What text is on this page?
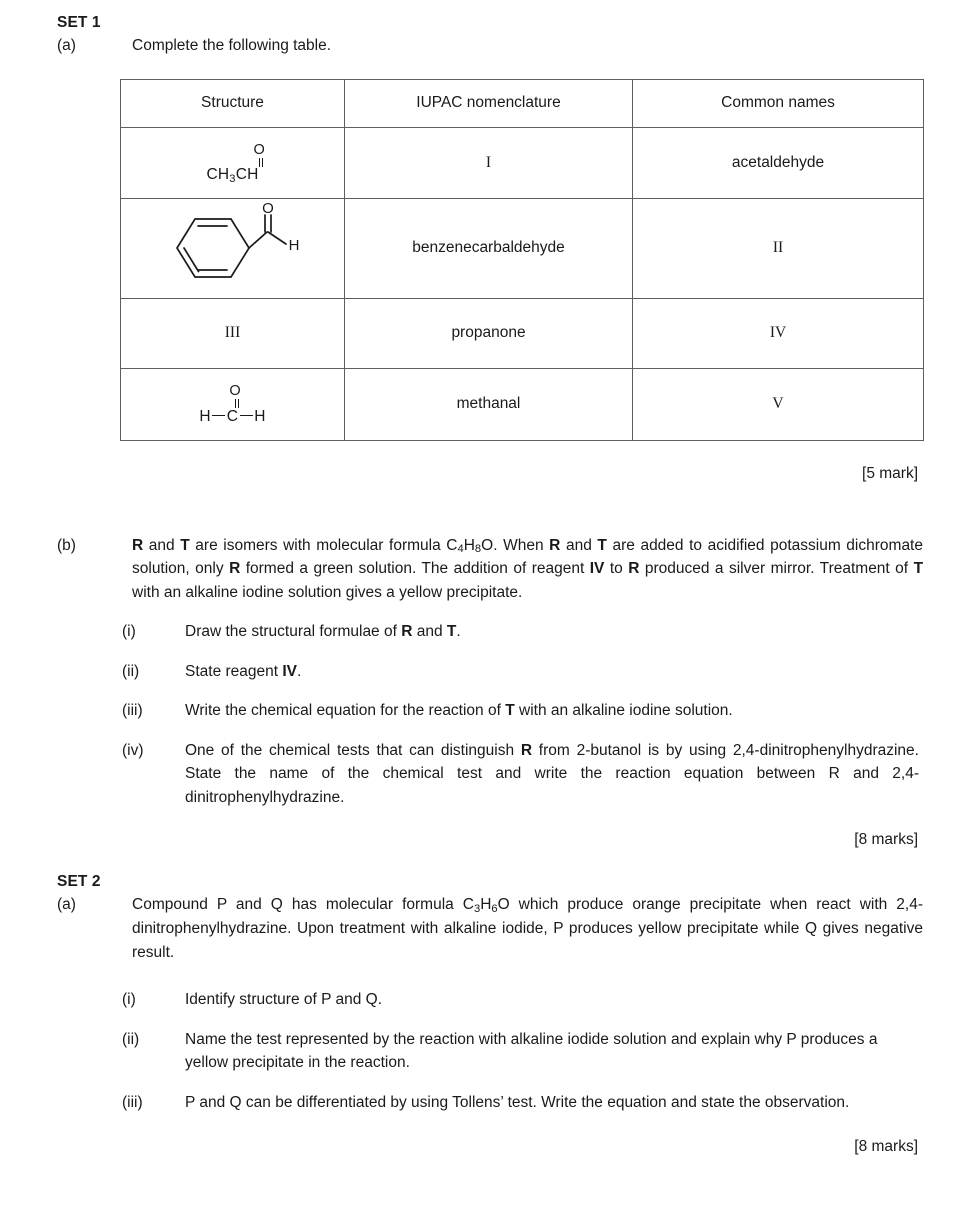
SET 1
(a)	Complete the following table.
Structure	IUPAC nomenclature	Common names

O
$CH_3CH$	I	acetaldehyde

O
H	benzenecarbaldehyde	II
III	propanone	IV

O
H C H	methanal	V
[5 mark]
(b)	R and T are isomers with molecular formula $C_4H_8O$. When R and T are added to acidified potassium dichromate solution, only R formed a green solution. The addition of reagent IV to R produced a silver mirror. Treatment of T with an alkaline iodine solution gives a yellow precipitate.
(i)	Draw the structural formulae of R and T.
(ii)	State reagent IV.
(iii)	Write the chemical equation for the reaction of T with an alkaline iodine solution.
(iv)	One of the chemical tests that can distinguish R from 2-butanol is by using 2,4-dinitrophenylhydrazine. State the name of the chemical test and write the reaction equation between R and 2,4-dinitrophenylhydrazine.
[8 marks]
SET 2
(a)	Compound P and Q has molecular formula $C_3H_6O$ which produce orange precipitate when react with 2,4- dinitrophenylhydrazine. Upon treatment with alkaline iodide, P produces yellow precipitate while Q gives negative result.
(i)	Identify structure of P and Q.
(ii)	Name the test represented by the reaction with alkaline iodide solution and explain why P produces a yellow precipitate in the reaction.
(iii)	P and Q can be differentiated by using Tollens’ test. Write the equation and state the observation.
[8 marks]
